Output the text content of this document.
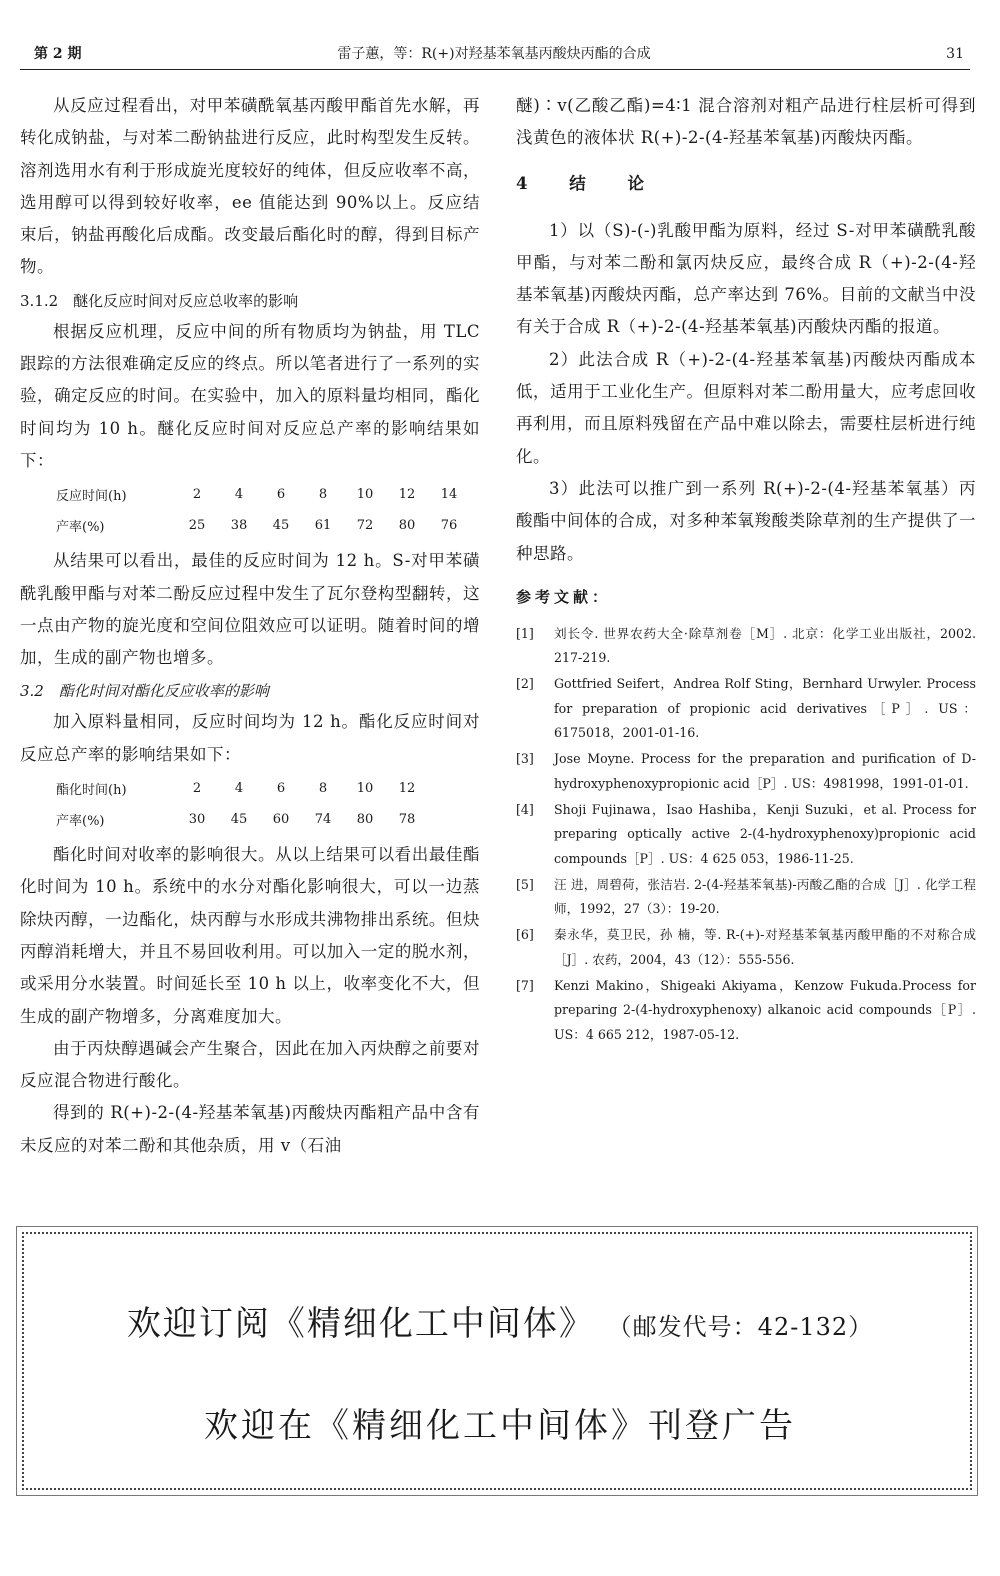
第 2 期	雷子蕙，等：R(+)对羟基苯氧基丙酸炔丙酯的合成	31

从反应过程看出，对甲苯磺酰氧基丙酸甲酯首先水解，再转化成钠盐，与对苯二酚钠盐进行反应，此时构型发生反转。溶剂选用水有利于形成旋光度较好的纯体，但反应收率不高，选用醇可以得到较好收率，ee 值能达到 90%以上。反应结束后，钠盐再酸化后成酯。改变最后酯化时的醇，得到目标产物。

3.1.2　醚化反应时间对反应总收率的影响

根据反应机理，反应中间的所有物质均为钠盐，用 TLC 跟踪的方法很难确定反应的终点。所以笔者进行了一系列的实验，确定反应的时间。在实验中，加入的原料量均相同，酯化时间均为 10 h。醚化反应时间对反应总产率的影响结果如下：

反应时间(h)	2	4	6	8	10	12	14
产率(%)	25	38	45	61	72	80	76

从结果可以看出，最佳的反应时间为 12 h。S-对甲苯磺酰乳酸甲酯与对苯二酚反应过程中发生了瓦尔登构型翻转，这一点由产物的旋光度和空间位阻效应可以证明。随着时间的增加，生成的副产物也增多。

3.2　酯化时间对酯化反应收率的影响

加入原料量相同，反应时间均为 12 h。酯化反应时间对反应总产率的影响结果如下：

酯化时间(h)	2	4	6	8	10	12
产率(%)	30	45	60	74	80	78

酯化时间对收率的影响很大。从以上结果可以看出最佳酯化时间为 10 h。系统中的水分对酯化影响很大，可以一边蒸除炔丙醇，一边酯化，炔丙醇与水形成共沸物排出系统。但炔丙醇消耗增大，并且不易回收利用。可以加入一定的脱水剂，或采用分水装置。时间延长至 10 h 以上，收率变化不大，但生成的副产物增多，分离难度加大。

由于丙炔醇遇碱会产生聚合，因此在加入丙炔醇之前要对反应混合物进行酸化。

得到的 R(+)-2-(4-羟基苯氧基)丙酸炔丙酯粗产品中含有未反应的对苯二酚和其他杂质，用 v（石油

醚)∶v(乙酸乙酯)=4∶1 混合溶剂对粗产品进行柱层析可得到浅黄色的液体状 R(+)-2-(4-羟基苯氧基)丙酸炔丙酯。

4 结 论

1）以（S)-(-)乳酸甲酯为原料，经过 S-对甲苯磺酰乳酸甲酯，与对苯二酚和氯丙炔反应，最终合成 R（+)-2-(4-羟基苯氧基)丙酸炔丙酯，总产率达到 76%。目前的文献当中没有关于合成 R（+)-2-(4-羟基苯氧基)丙酸炔丙酯的报道。

2）此法合成 R（+)-2-(4-羟基苯氧基)丙酸炔丙酯成本低，适用于工业化生产。但原料对苯二酚用量大，应考虑回收再利用，而且原料残留在产品中难以除去，需要柱层析进行纯化。

3）此法可以推广到一系列 R(+)-2-(4-羟基苯氧基）丙酸酯中间体的合成，对多种苯氧羧酸类除草剂的生产提供了一种思路。

参考文献：

[1]	刘长令. 世界农药大全·除草剂卷［M］. 北京：化学工业出版社，2002. 217-219.
[2]	Gottfried Seifert，Andrea Rolf Sting，Bernhard Urwyler. Process for preparation of propionic acid derivatives［P］. US：6175018，2001-01-16.
[3]	Jose Moyne. Process for the preparation and purification of D-hydroxyphenoxypropionic acid［P］. US：4981998，1991-01-01.
[4]	Shoji Fujinawa，Isao Hashiba，Kenji Suzuki，et al. Process for preparing optically active 2-(4-hydroxyphenoxy)propionic acid compounds［P］. US：4 625 053，1986-11-25.
[5]	汪 进，周碧荷，张洁岩. 2-(4-羟基苯氧基)-丙酸乙酯的合成［J］. 化学工程师，1992，27（3）：19-20.
[6]	秦永华，莫卫民，孙 楠，等. R-(+)-对羟基苯氧基丙酸甲酯的不对称合成［J］. 农药，2004，43（12）：555-556.
[7]	Kenzi Makino，Shigeaki Akiyama，Kenzow Fukuda.Process for preparing 2-(4-hydroxyphenoxy) alkanoic acid compounds［P］. US：4 665 212，1987-05-12.
欢迎订阅《精细化工中间体》 （邮发代号：42-132）
欢迎在《精细化工中间体》刊登广告
